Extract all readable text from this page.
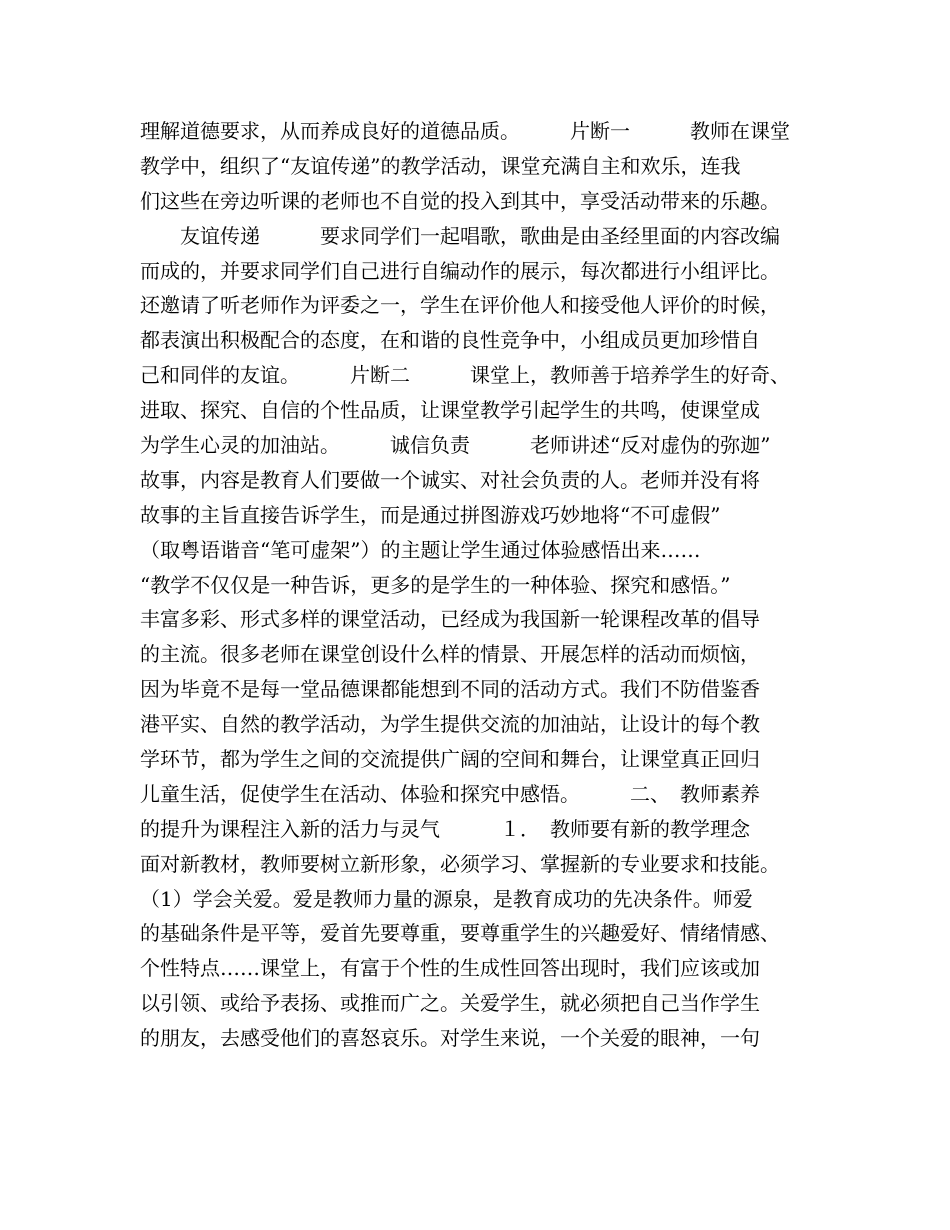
理解道德要求，从而养成良好的道德品质。　　　片断一　　　教师在课堂
教学中，组织了“友谊传递”的教学活动，课堂充满自主和欢乐，连我
们这些在旁边听课的老师也不自觉的投入到其中，享受活动带来的乐趣。
　　友谊传递　　　要求同学们一起唱歌，歌曲是由圣经里面的内容改编
而成的，并要求同学们自己进行自编动作的展示，每次都进行小组评比。
还邀请了听老师作为评委之一，学生在评价他人和接受他人评价的时候，
都表演出积极配合的态度，在和谐的良性竞争中，小组成员更加珍惜自
己和同伴的友谊。　　　片断二　　　课堂上，教师善于培养学生的好奇、
进取、探究、自信的个性品质，让课堂教学引起学生的共鸣，使课堂成
为学生心灵的加油站。　　　诚信负责　　　老师讲述“反对虚伪的弥迦”
故事，内容是教育人们要做一个诚实、对社会负责的人。老师并没有将
故事的主旨直接告诉学生，而是通过拼图游戏巧妙地将“不可虚假”
（取粤语谐音“笔可虚架”）的主题让学生通过体验感悟出来……
“教学不仅仅是一种告诉，更多的是学生的一种体验、探究和感悟。”
丰富多彩、形式多样的课堂活动，已经成为我国新一轮课程改革的倡导
的主流。很多老师在课堂创设什么样的情景、开展怎样的活动而烦恼，
因为毕竟不是每一堂品德课都能想到不同的活动方式。我们不防借鉴香
港平实、自然的教学活动，为学生提供交流的加油站，让设计的每个教
学环节，都为学生之间的交流提供广阔的空间和舞台，让课堂真正回归
儿童生活，促使学生在活动、体验和探究中感悟。　　　二、　教师素养
的提升为课程注入新的活力与灵气　　　１．　教师要有新的教学理念
面对新教材，教师要树立新形象，必须学习、掌握新的专业要求和技能。
（1）学会关爱。爱是教师力量的源泉，是教育成功的先决条件。师爱
的基础条件是平等，爱首先要尊重，要尊重学生的兴趣爱好、情绪情感、
个性特点……课堂上，有富于个性的生成性回答出现时，我们应该或加
以引领、或给予表扬、或推而广之。关爱学生，就必须把自己当作学生
的朋友，去感受他们的喜怒哀乐。对学生来说，一个关爱的眼神，一句
